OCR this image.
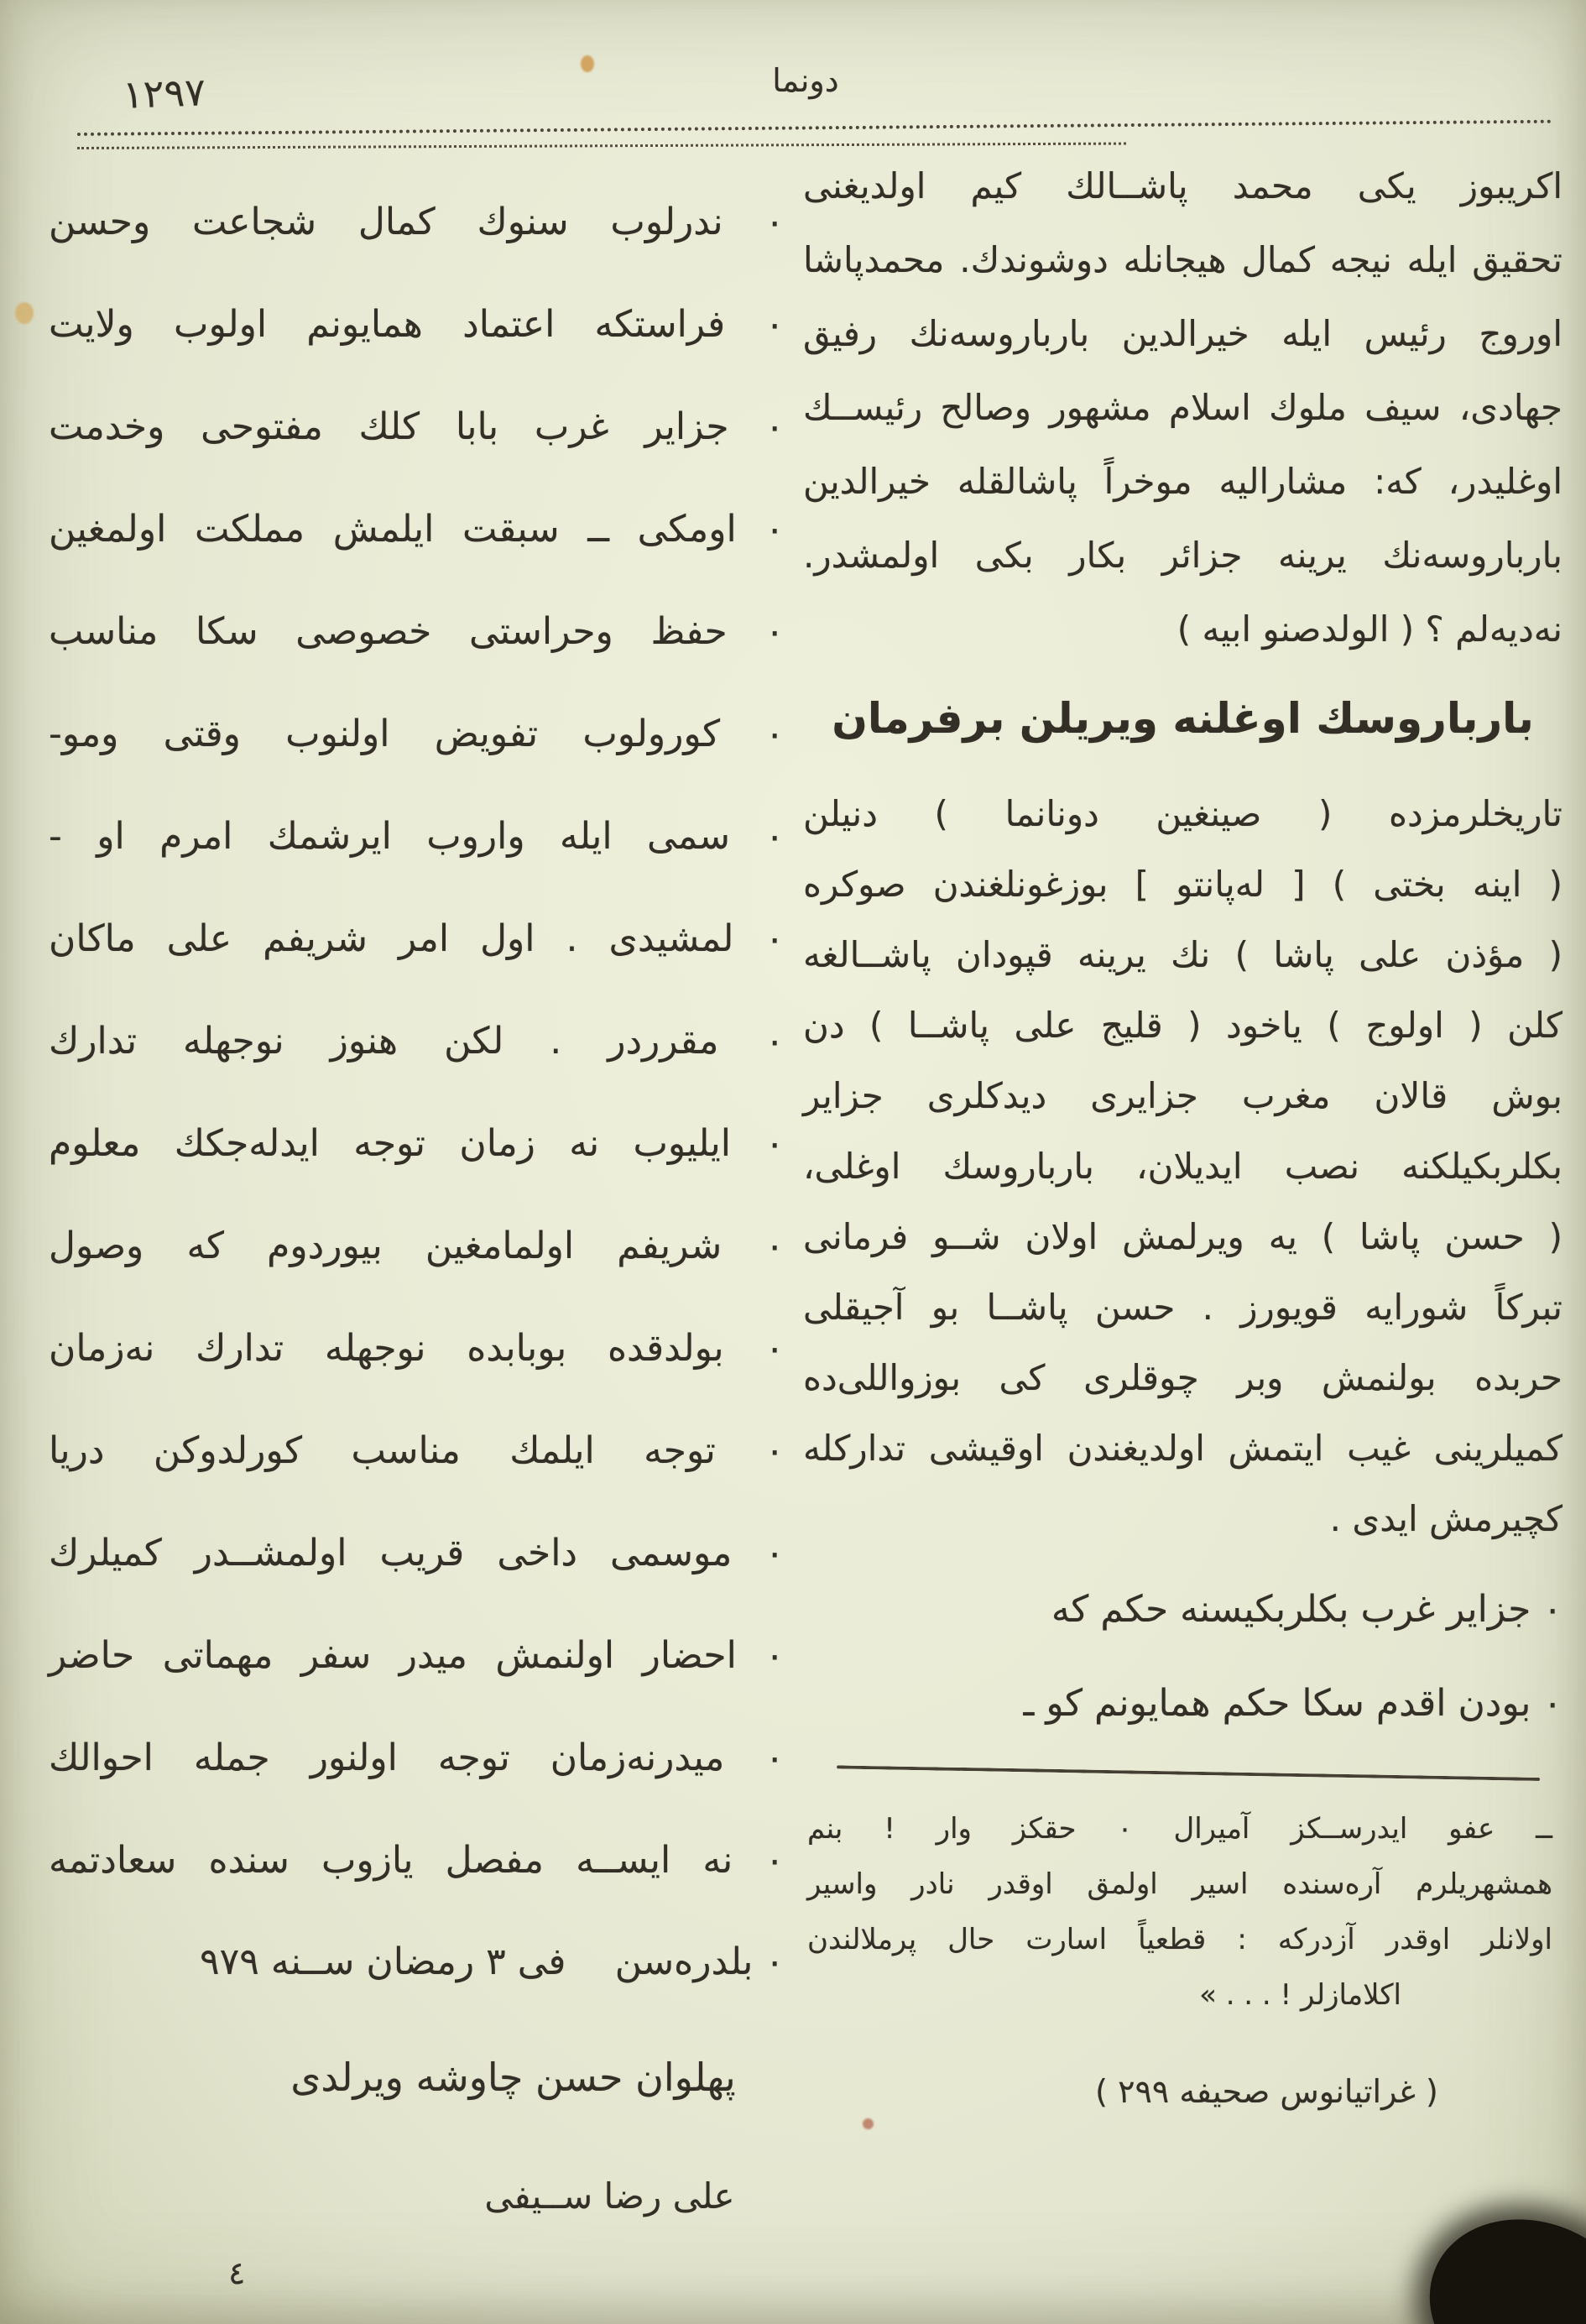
١٢٩٧	دونما
اكريبوز يكى محمد پاشــالك كيم اولديغنى
تحقيق ايله نيجه كمال هيجانله دوشوندك. محمدپاشا
اوروج رئيس ايله خيرالدين بارباروسه‌نك رفيق
جهادى، سيف ملوك اسلام مشهور وصالح رئيســك
اوغليدر، كه: مشاراليه موخراً پاشالقله خيرالدين
بارباروسه‌نك يرينه جزائر بكار بكى اولمشدر.
نه‌ديه‌لم ؟ ( الولدصنو ابيه )
بارباروسك اوغلنه ويريلن برفرمان
تاريخلرمزده ( صينغين دونانما ) دنيلن
( اينه بختى ) [ له‌پانتو ] بوزغونلغندن صوكره
( مؤذن على پاشا ) نك يرينه قپودان پاشــالغه
كلن ( اولوج ) ياخود ( قليج على پاشــا ) دن
بوش قالان مغرب جزايرى ديدكلرى جزاير
بكلربكيلكنه نصب ايديلان، بارباروسك اوغلى،
( حسن پاشا ) يه ويرلمش اولان شــو فرمانى
تبركاً شورايه قويورز . حسن پاشــا بو آجيقلى
حربده بولنمش وبر چوقلرى كى بوزواللى‌ده
كميلرينى غيب ايتمش اولديغندن اوقيشى تداركله
كچيرمش ايدى .
٠ جزاير غرب بكلربكيسنه حكم كه
٠ بودن اقدم سكا حكم همايونم كو ـ
ــ عفو ايدرســكز آميرال ٠ حقكز وار ! بنم
همشهريلرم آره‌سنده اسير اولمق اوقدر نادر واسير
اولانلر اوقدر آزدركه : قطعياً اسارت حال پرملالندن
اكلامازلر ! . . . »
( غراتيانوس صحيفه ٢٩٩ )
٠ ندرلوب سنوك كمال شجاعت وحسن
٠ فراستكه اعتماد همايونم اولوب ولايت
٠ جزاير غرب بابا كلك مفتوحى وخدمت
٠ اومكى ــ سبقت ايلمش مملكت اولمغين
٠ حفظ وحراستى خصوصى سكا مناسب
٠ كورولوب تفويض اولنوب وقتى ومو-
٠ سمى ايله واروب ايرشمك امرم او -
٠ لمشيدى . اول امر شريفم على ماكان
٠ مقرردر . لكن هنوز نوجهله تدارك
٠ ايليوب نه زمان توجه ايدله‌جكك معلوم
٠ شريفم اولمامغين بيوردوم كه وصول
٠ بولدقده بوبابده نوجهله تدارك نه‌زمان
٠ توجه ايلمك مناسب كورلدوكن دريا
٠ موسمى داخى قريب اولمشــدر كميلرك
٠ احضار اولنمش ميدر سفر مهماتى حاضر
٠ ميدرنه‌زمان توجه اولنور جمله احوالك
٠ نه ايســه مفصل يازوب سنده سعادتمه
٠ بلدره‌سن
فى ٣ رمضان ســنه ٩٧٩
پهلوان حسن چاوشه ويرلدى
على رضا ســيفى
٤
